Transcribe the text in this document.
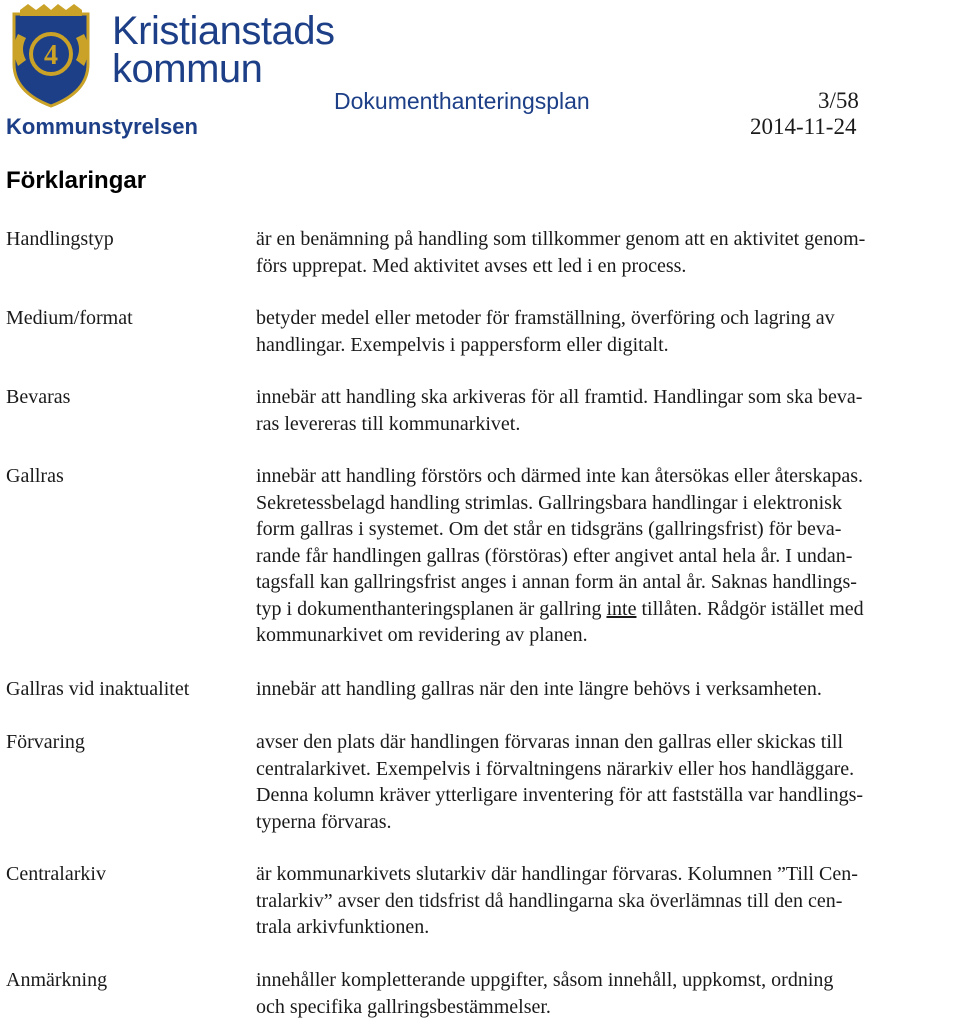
4
Kristianstads
kommun
Dokumenthanteringsplan	3/58
Kommunstyrelsen	2014-11-24
Förklaringar
Handlingstyp	är en benämning på handling som tillkommer genom att en aktivitet genom-
förs upprepat. Med aktivitet avses ett led i en process.

Medium/format	betyder medel eller metoder för framställning, överföring och lagring av
handlingar. Exempelvis i pappersform eller digitalt.

Bevaras	innebär att handling ska arkiveras för all framtid. Handlingar som ska beva-
ras levereras till kommunarkivet.

Gallras	innebär att handling förstörs och därmed inte kan återsökas eller återskapas.
Sekretessbelagd handling strimlas. Gallringsbara handlingar i elektronisk
form gallras i systemet. Om det står en tidsgräns (gallringsfrist) för beva-
rande får handlingen gallras (förstöras) efter angivet antal hela år. I undan-
tagsfall kan gallringsfrist anges i annan form än antal år. Saknas handlings-
typ i dokumenthanteringsplanen är gallring inte tillåten. Rådgör istället med
kommunarkivet om revidering av planen.

Gallras vid inaktualitet	innebär att handling gallras när den inte längre behövs i verksamheten.

Förvaring	avser den plats där handlingen förvaras innan den gallras eller skickas till
centralarkivet. Exempelvis i förvaltningens närarkiv eller hos handläggare.
Denna kolumn kräver ytterligare inventering för att fastställa var handlings-
typerna förvaras.

Centralarkiv	är kommunarkivets slutarkiv där handlingar förvaras. Kolumnen ”Till Cen-
tralarkiv” avser den tidsfrist då handlingarna ska överlämnas till den cen-
trala arkivfunktionen.

Anmärkning	innehåller kompletterande uppgifter, såsom innehåll, uppkomst, ordning
och specifika gallringsbestämmelser.
